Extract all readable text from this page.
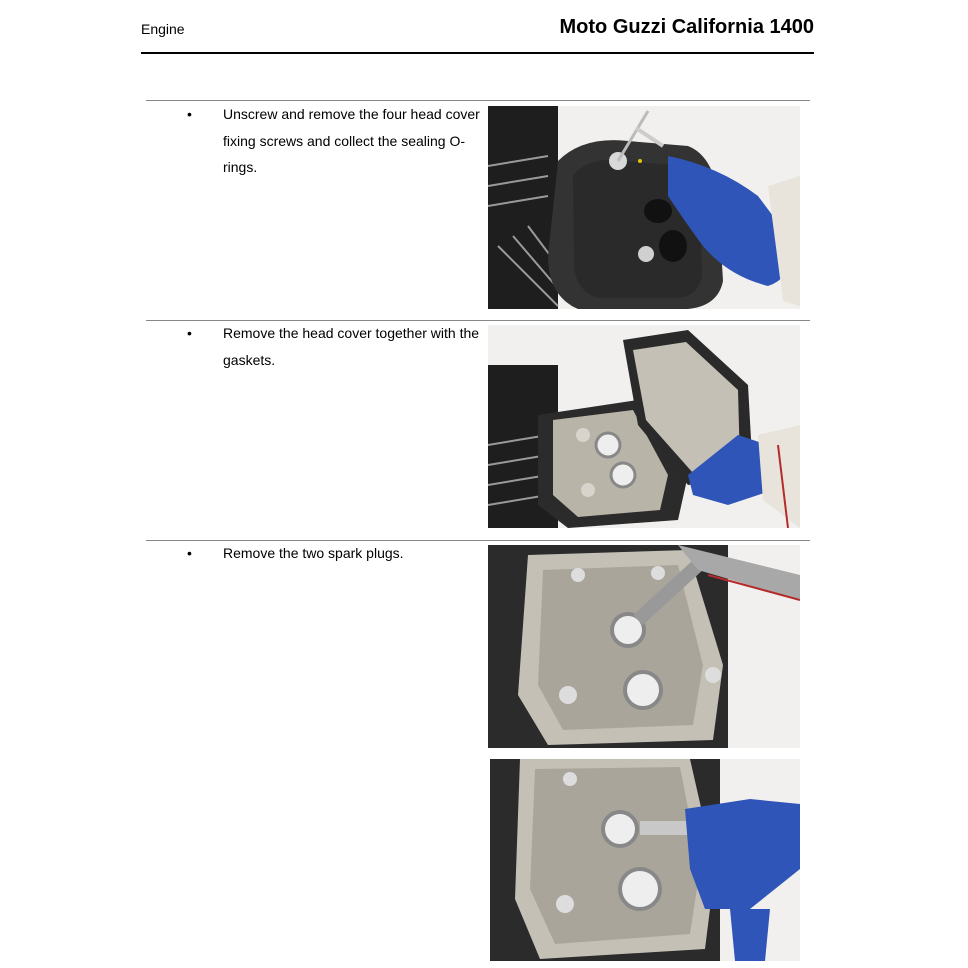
Engine	Moto Guzzi California 1400
• Unscrew and remove the four head cover fixing screws and collect the sealing O-rings.
• Remove the head cover together with the gaskets.
• Remove the two spark plugs.
